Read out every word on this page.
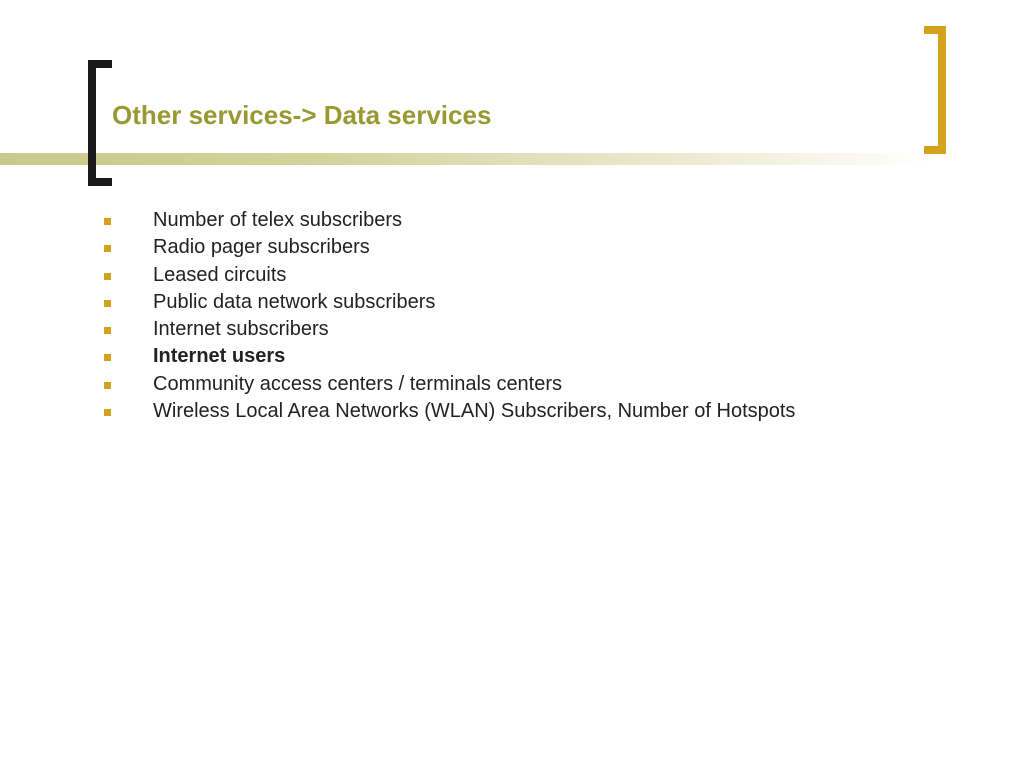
Other services-> Data services
Number of telex subscribers
Radio pager subscribers
Leased circuits
Public data network subscribers
Internet subscribers
Internet users
Community access centers / terminals centers
Wireless Local Area Networks (WLAN) Subscribers, Number of Hotspots
